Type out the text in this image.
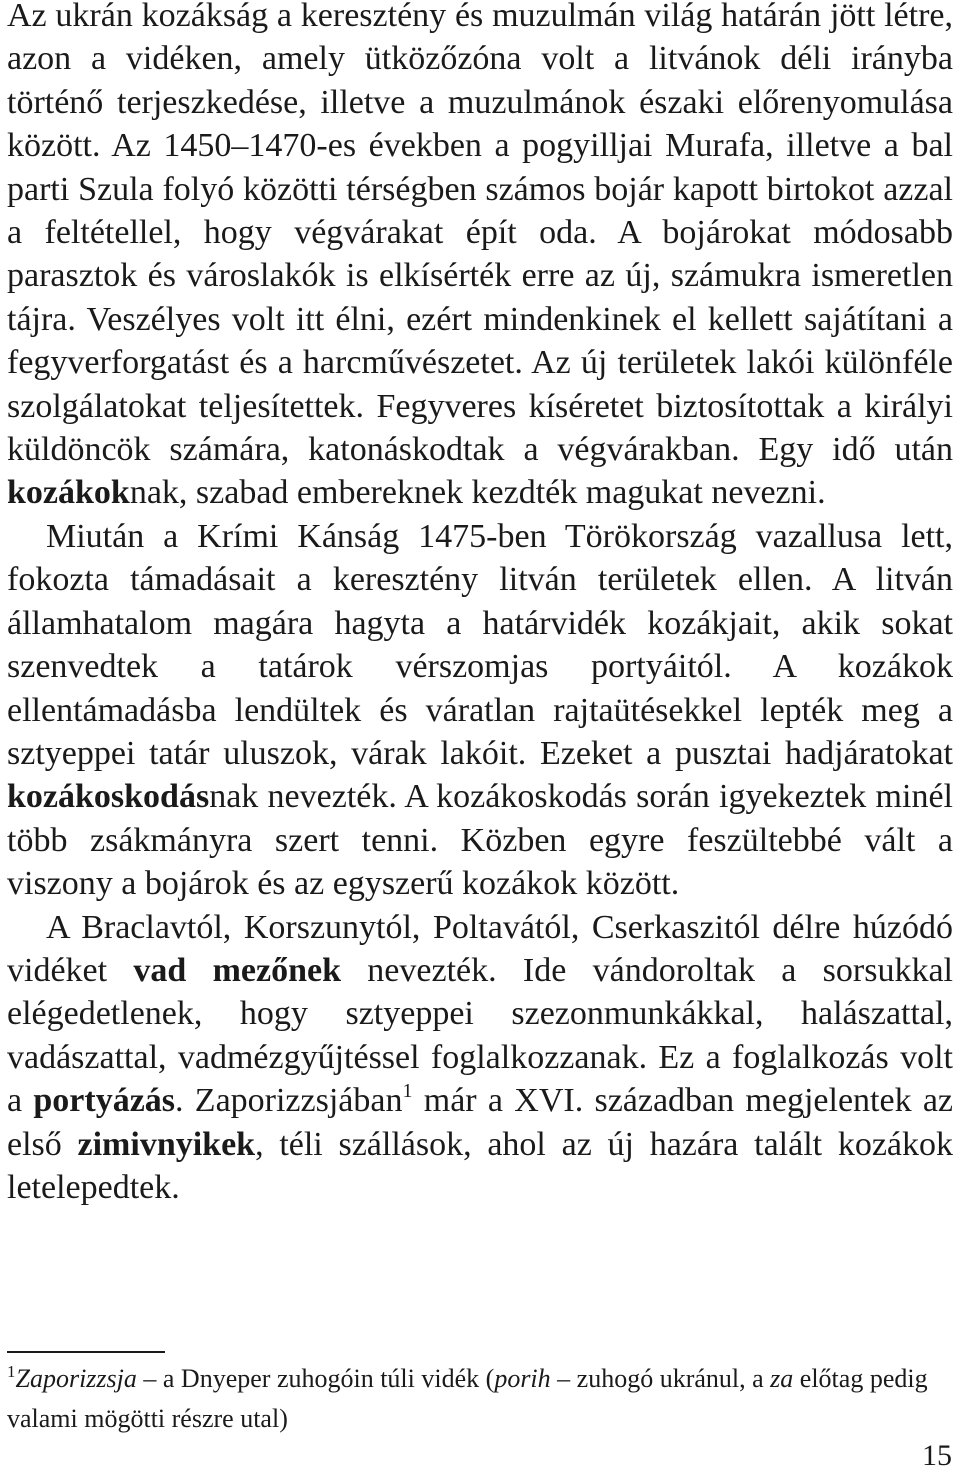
Az ukrán kozákság a keresztény és muzulmán világ határán jött létre, azon a vidéken, amely ütközőzóna volt a litvánok déli irányba történő terjeszkedése, illetve a muzulmánok északi előrenyomulása között. Az 1450–1470-es években a pogyilljai Murafa, illetve a bal parti Szula folyó közötti térségben számos bojár kapott birtokot azzal a feltétellel, hogy végvárakat épít oda. A bojárokat módosabb parasztok és városlakók is elkísérték erre az új, számukra ismeretlen tájra. Veszélyes volt itt élni, ezért mindenkinek el kellett sajátítani a fegyverforgatást és a harcművészetet. Az új területek lakói különféle szolgálatokat teljesítettek. Fegyveres kíséretet biztosítottak a királyi küldöncök számára, katonáskodtak a végvárakban. Egy idő után kozákoknak, szabad embereknek kezdték magukat nevezni.

Miután a Krími Kánság 1475-ben Törökország vazallusa lett, fokozta támadásait a keresztény litván területek ellen. A litván államhatalom magára hagyta a határvidék kozákjait, akik sokat szenvedtek a tatárok vérszomjas portyáitól. A kozákok ellentámadásba lendültek és váratlan rajtaütésekkel lepték meg a sztyeppei tatár uluszok, várak lakóit. Ezeket a pusztai hadjáratokat kozákoskodásnak nevezték. A kozákoskodás során igyekeztek minél több zsákmányra szert tenni. Közben egyre feszültebbé vált a viszony a bojárok és az egyszerű kozákok között.

A Braclavtól, Korszunytól, Poltavától, Cserkaszitól délre húzódó vidéket vad mezőnek nevezték. Ide vándoroltak a sorsukkal elégedetlenek, hogy sztyeppei szezonmunkákkal, halászattal, vadászattal, vadmézgyűjtéssel foglalkozzanak. Ez a foglalkozás volt a portyázás. Zaporizzsjában$^1$ már a XVI. században megjelentek az első zimivnyikek, téli szállások, ahol az új hazára talált kozákok letelepedtek.

$^1$Zaporizzsja – a Dnyeper zuhogóin túli vidék (porih – zuhogó ukránul, a za előtag pedig valami mögötti részre utal)
15
